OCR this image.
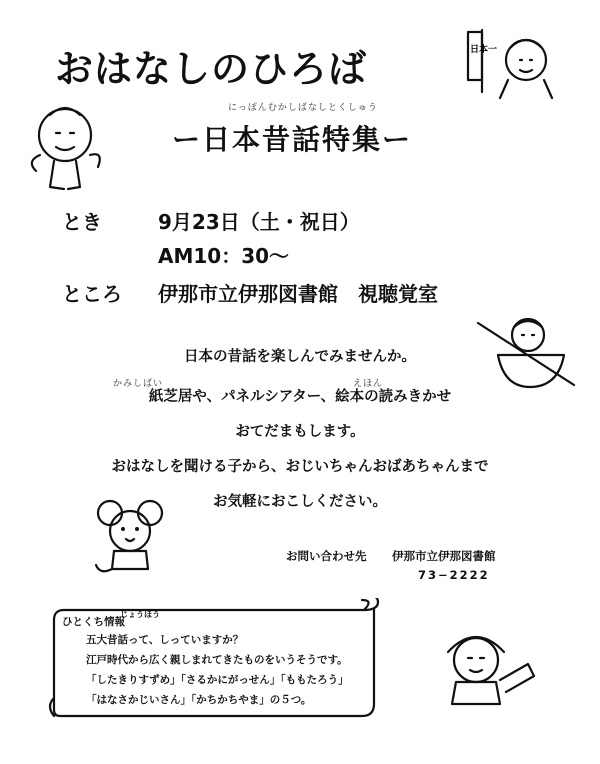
おはなしのひろば
にっぽんむかしばなしとくしゅう
ー日本昔話特集ー
とき	9月23日（土・祝日）
AM10：30〜
ところ 伊那市立伊那図書館　視聴覚室
日本の昔話を楽しんでみませんか。
かみしばい	えほん
紙芝居や、パネルシアター、絵本の読みきかせ
おてだまもします。
おはなしを聞ける子から、おじいちゃんおばあちゃんまで
お気軽におこしください。
お問い合わせ先 伊那市立伊那図書館
73−2222
じょうほう
ひとくち情報
五大昔話って、しっていますか？
江戸時代から広く親しまれてきたものをいうそうです。
「したきりすずめ」「さるかにがっせん」「ももたろう」
「はなさかじいさん」「かちかちやま」の５つ。
日本一
